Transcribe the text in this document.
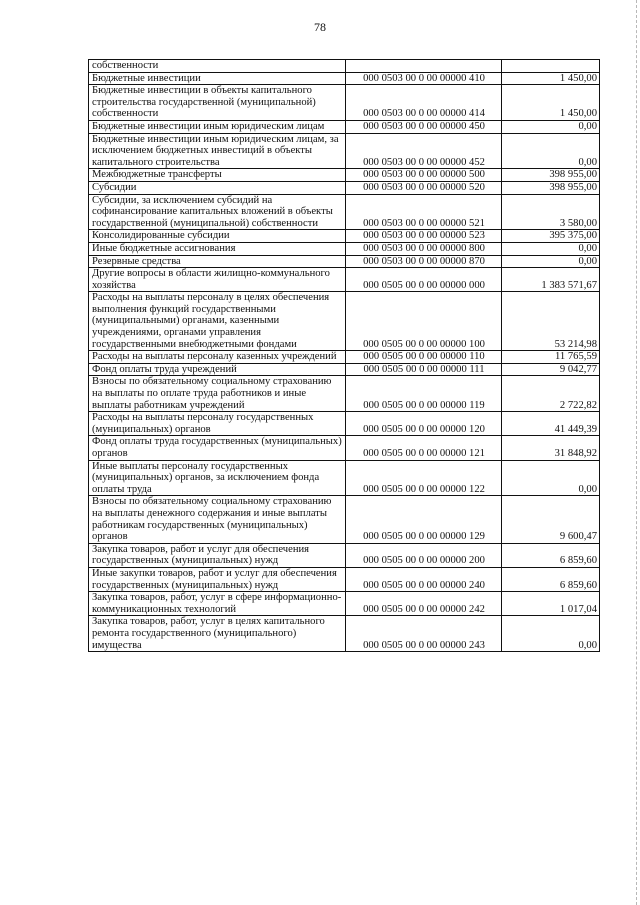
78
собственности		
Бюджетные инвестиции	000 0503 00 0 00 00000 410	1 450,00
Бюджетные инвестиции в объекты капитального строительства государственной (муниципальной) собственности	000 0503 00 0 00 00000 414	1 450,00
Бюджетные инвестиции иным юридическим лицам	000 0503 00 0 00 00000 450	0,00
Бюджетные инвестиции иным юридическим лицам, за исключением бюджетных инвестиций в объекты капитального строительства	000 0503 00 0 00 00000 452	0,00
Межбюджетные трансферты	000 0503 00 0 00 00000 500	398 955,00
Субсидии	000 0503 00 0 00 00000 520	398 955,00
Субсидии, за исключением субсидий на софинансирование капитальных вложений в объекты государственной (муниципальной) собственности	000 0503 00 0 00 00000 521	3 580,00
Консолидированные субсидии	000 0503 00 0 00 00000 523	395 375,00
Иные бюджетные ассигнования	000 0503 00 0 00 00000 800	0,00
Резервные средства	000 0503 00 0 00 00000 870	0,00
Другие вопросы в области жилищно-коммунального хозяйства	000 0505 00 0 00 00000 000	1 383 571,67
Расходы на выплаты персоналу в целях обеспечения выполнения функций государственными (муниципальными) органами, казенными учреждениями, органами управления государственными внебюджетными фондами	000 0505 00 0 00 00000 100	53 214,98
Расходы на выплаты персоналу казенных учреждений	000 0505 00 0 00 00000 110	11 765,59
Фонд оплаты труда учреждений	000 0505 00 0 00 00000 111	9 042,77
Взносы по обязательному социальному страхованию на выплаты по оплате труда работников и иные выплаты работникам учреждений	000 0505 00 0 00 00000 119	2 722,82
Расходы на выплаты персоналу государственных (муниципальных) органов	000 0505 00 0 00 00000 120	41 449,39
Фонд оплаты труда государственных (муниципальных) органов	000 0505 00 0 00 00000 121	31 848,92
Иные выплаты персоналу государственных (муниципальных) органов, за исключением фонда оплаты труда	000 0505 00 0 00 00000 122	0,00
Взносы по обязательному социальному страхованию на выплаты денежного содержания и иные выплаты работникам государственных (муниципальных) органов	000 0505 00 0 00 00000 129	9 600,47
Закупка товаров, работ и услуг для обеспечения государственных (муниципальных) нужд	000 0505 00 0 00 00000 200	6 859,60
Иные закупки товаров, работ и услуг для обеспечения государственных (муниципальных) нужд	000 0505 00 0 00 00000 240	6 859,60
Закупка товаров, работ, услуг в сфере информационно-коммуникационных технологий	000 0505 00 0 00 00000 242	1 017,04
Закупка товаров, работ, услуг в целях капитального ремонта государственного (муниципального) имущества	000 0505 00 0 00 00000 243	0,00
